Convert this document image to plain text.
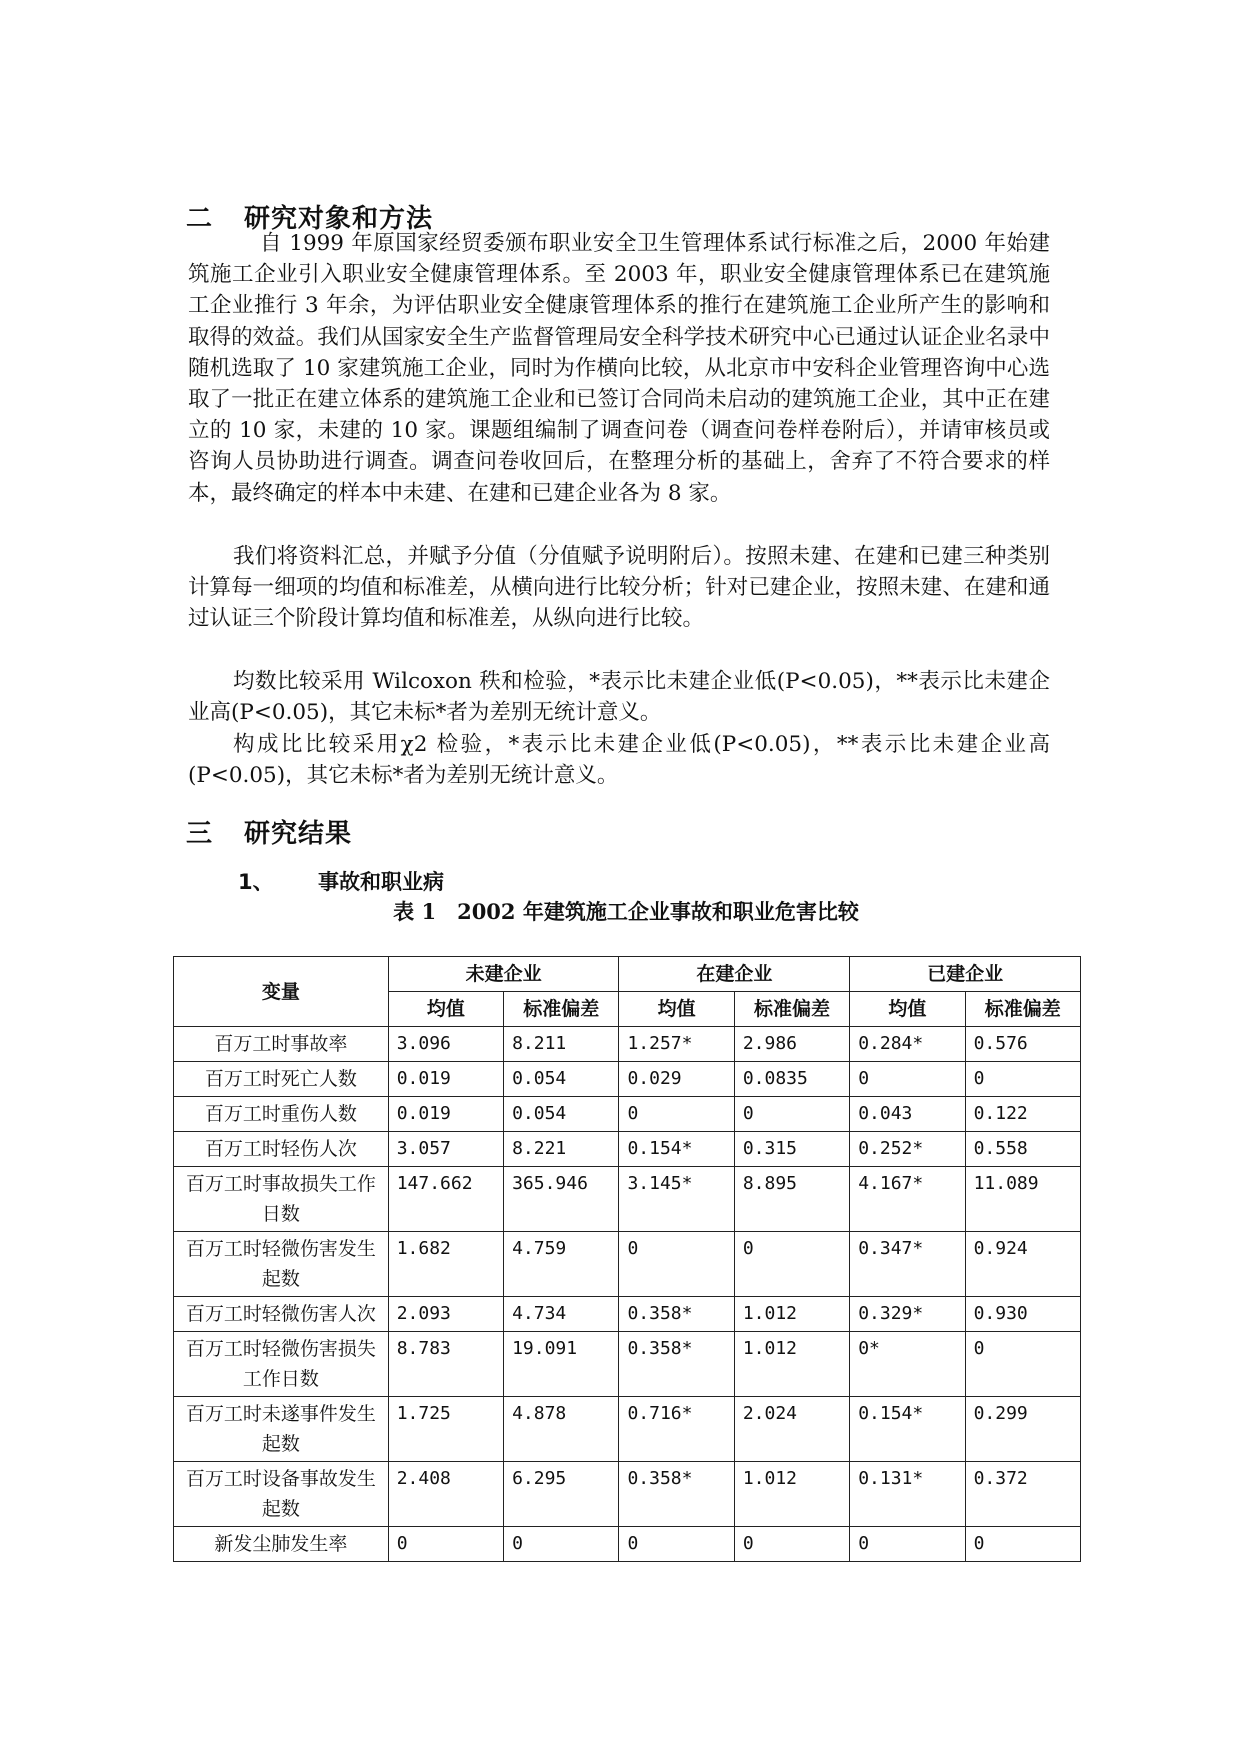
二 研究对象和方法

自 1999 年原国家经贸委颁布职业安全卫生管理体系试行标准之后，2000 年始建筑施工企业引入职业安全健康管理体系。至 2003 年，职业安全健康管理体系已在建筑施工企业推行 3 年余，为评估职业安全健康管理体系的推行在建筑施工企业所产生的影响和取得的效益。我们从国家安全生产监督管理局安全科学技术研究中心已通过认证企业名录中随机选取了 10 家建筑施工企业，同时为作横向比较，从北京市中安科企业管理咨询中心选取了一批正在建立体系的建筑施工企业和已签订合同尚未启动的建筑施工企业，其中正在建立的 10 家，未建的 10 家。课题组编制了调查问卷（调查问卷样卷附后），并请审核员或咨询人员协助进行调查。调查问卷收回后，在整理分析的基础上，舍弃了不符合要求的样本，最终确定的样本中未建、在建和已建企业各为 8 家。

我们将资料汇总，并赋予分值（分值赋予说明附后）。按照未建、在建和已建三种类别计算每一细项的均值和标准差，从横向进行比较分析；针对已建企业，按照未建、在建和通过认证三个阶段计算均值和标准差，从纵向进行比较。

均数比较采用 Wilcoxon 秩和检验，*表示比未建企业低(P<0.05)，**表示比未建企业高(P<0.05)，其它未标*者为差别无统计意义。

构成比比较采用χ2 检验，*表示比未建企业低(P<0.05)，**表示比未建企业高(P<0.05)，其它未标*者为差别无统计意义。

三 研究结果

1、 事故和职业病

表 1　2002 年建筑施工企业事故和职业危害比较

变量	未建企业		在建企业		已建企业	
	均值	标准偏差	均值	标准偏差	均值	标准偏差
百万工时事故率	3.096	8.211	1.257*	2.986	0.284*	0.576
百万工时死亡人数	0.019	0.054	0.029	0.0835	0	0
百万工时重伤人数	0.019	0.054	0	0	0.043	0.122
百万工时轻伤人次	3.057	8.221	0.154*	0.315	0.252*	0.558
百万工时事故损失工作日数	147.662	365.946	3.145*	8.895	4.167*	11.089
百万工时轻微伤害发生起数	1.682	4.759	0	0	0.347*	0.924
百万工时轻微伤害人次	2.093	4.734	0.358*	1.012	0.329*	0.930
百万工时轻微伤害损失工作日数	8.783	19.091	0.358*	1.012	0*	0
百万工时未遂事件发生起数	1.725	4.878	0.716*	2.024	0.154*	0.299
百万工时设备事故发生起数	2.408	6.295	0.358*	1.012	0.131*	0.372
新发尘肺发生率	0	0	0	0	0	0
